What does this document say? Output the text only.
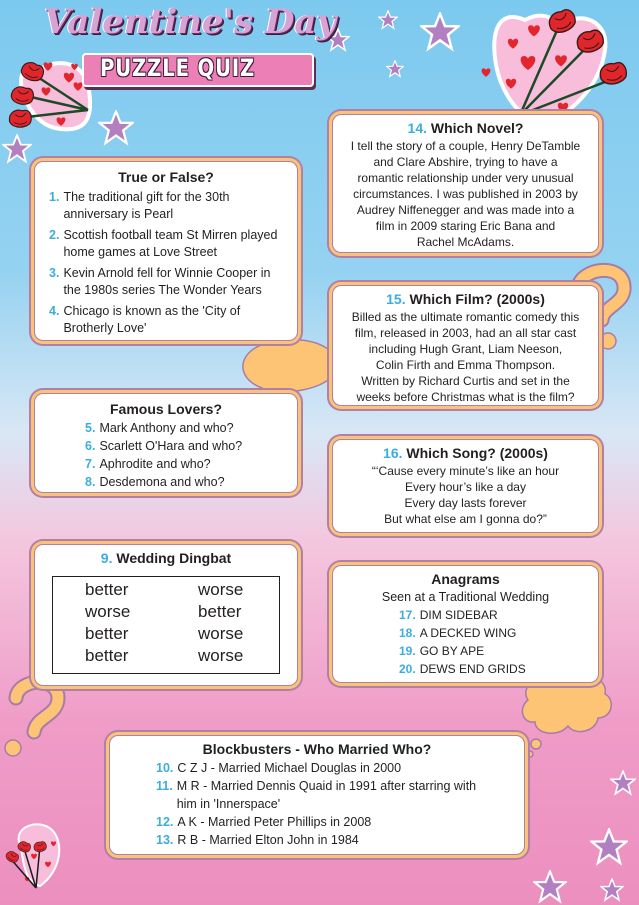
Valentine's Day
PUZZLE QUIZ
True or False?
1. The traditional gift for the 30th anniversary is Pearl
2. Scottish football team St Mirren played home games at Love Street
3. Kevin Arnold fell for Winnie Cooper in the 1980s series The Wonder Years
4. Chicago is known as the 'City of Brotherly Love'
Famous Lovers?
5. Mark Anthony and who?
6. Scarlett O'Hara and who?
7. Aphrodite and who?
8. Desdemona and who?
9. Wedding Dingbat
better
worse
better
better
worse
better
worse
worse
14. Which Novel?
I tell the story of a couple, Henry DeTamble
and Clare Abshire, trying to have a
romantic relationship under very unusual
circumstances. I was published in 2003 by
Audrey Niffenegger and was made into a
film in 2009 staring Eric Bana and
Rachel McAdams.
15. Which Film? (2000s)
Billed as the ultimate romantic comedy this
film, released in 2003, had an all star cast
including Hugh Grant, Liam Neeson,
Colin Firth and Emma Thompson.
Written by Richard Curtis and set in the
weeks before Christmas what is the film?
16. Which Song? (2000s)
“‘Cause every minute’s like an hour
Every hour’s like a day
Every day lasts forever
But what else am I gonna do?”
Anagrams
Seen at a Traditional Wedding
17. DIM SIDEBAR
18. A DECKED WING
19. GO BY APE
20. DEWS END GRIDS
Blockbusters - Who Married Who?
10. C Z J - Married Michael Douglas in 2000
11. M R - Married Dennis Quaid in 1991 after starring with him in 'Innerspace'
12. A K - Married Peter Phillips in 2008
13. R B - Married Elton John in 1984
